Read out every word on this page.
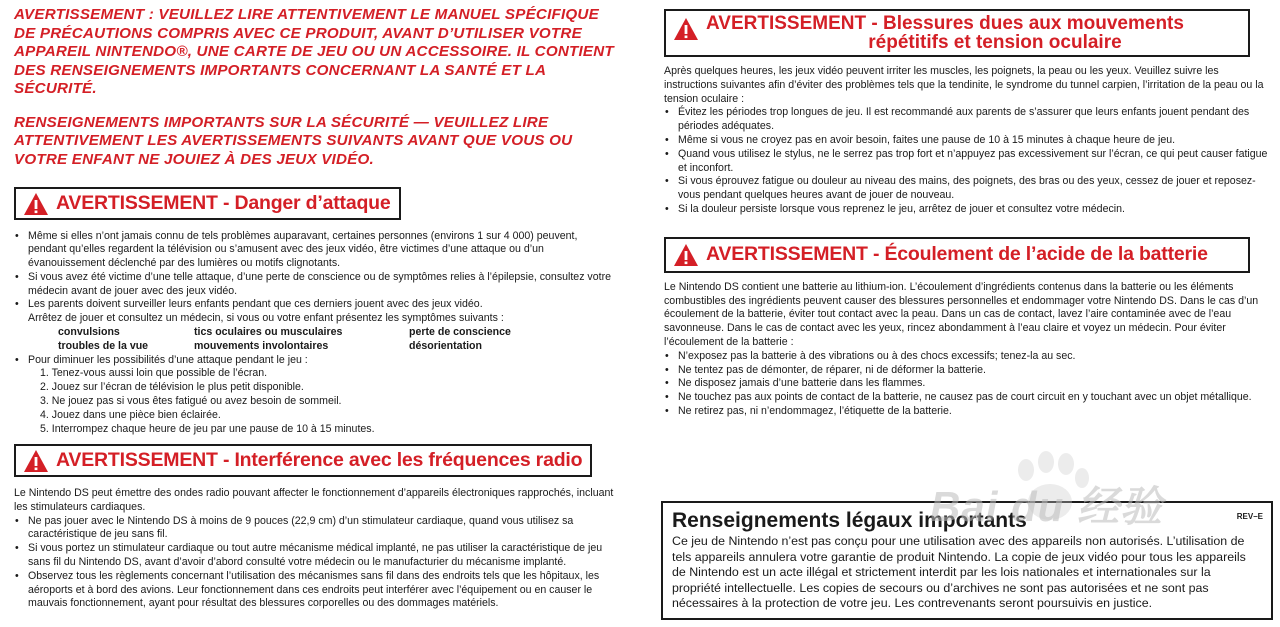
AVERTISSEMENT : VEUILLEZ LIRE ATTENTIVEMENT LE MANUEL SPÉCIFIQUE DE PRÉCAUTIONS COMPRIS AVEC CE PRODUIT, AVANT D’UTILISER VOTRE APPAREIL NINTENDO®, UNE CARTE DE JEU OU UN ACCESSOIRE. IL CONTIENT DES RENSEIGNEMENTS IMPORTANTS CONCERNANT LA SANTÉ ET LA SÉCURITÉ.

RENSEIGNEMENTS IMPORTANTS SUR LA SÉCURITÉ — VEUILLEZ LIRE ATTENTIVEMENT LES AVERTISSEMENTS SUIVANTS AVANT QUE VOUS OU VOTRE ENFANT NE JOUIEZ À DES JEUX VIDÉO.

AVERTISSEMENT - Danger d’attaque
• Même si elles n’ont jamais connu de tels problèmes auparavant, certaines personnes (environs 1 sur 4 000) peuvent, pendant qu’elles regardent la télévision ou s’amusent avec des jeux vidéo, être victimes d’une attaque ou d’un évanouissement déclenché par des lumières ou motifs clignotants.
• Si vous avez été victime d’une telle attaque, d’une perte de conscience ou de symptômes relies à l’épilepsie, consultez votre médecin avant de jouer avec des jeux vidéo.
• Les parents doivent surveiller leurs enfants pendant que ces derniers jouent avec des jeux vidéo.
Arrêtez de jouer et consultez un médecin, si vous ou votre enfant présentez les symptômes suivants :
convulsions	tics oculaires ou musculaires	perte de conscience
troubles de la vue	mouvements involontaires	désorientation
• Pour diminuer les possibilités d’une attaque pendant le jeu :
1. Tenez-vous aussi loin que possible de l’écran.
2. Jouez sur l’écran de télévision le plus petit disponible.
3. Ne jouez pas si vous êtes fatigué ou avez besoin de sommeil.
4. Jouez dans une pièce bien éclairée.
5. Interrompez chaque heure de jeu par une pause de 10 à 15 minutes.
AVERTISSEMENT - Interférence avec les fréquences radio

Le Nintendo DS peut émettre des ondes radio pouvant affecter le fonctionnement d’appareils électroniques rapprochés, incluant les stimulateurs cardiaques.

• Ne pas jouer avec le Nintendo DS à moins de 9 pouces (22,9 cm) d’un stimulateur cardiaque, quand vous utilisez sa caractéristique de jeu sans fil.
• Si vous portez un stimulateur cardiaque ou tout autre mécanisme médical implanté, ne pas utiliser la caractéristique de jeu sans fil du Nintendo DS, avant d’avoir d’abord consulté votre médecin ou le manufacturier du mécanisme implanté.
• Observez tous les règlements concernant l’utilisation des mécanismes sans fil dans des endroits tels que les hôpitaux, les aéroports et à bord des avions. Leur fonctionnement dans ces endroits peut interférer avec l’équipement ou en causer le mauvais fonctionnement, ayant pour résultat des blessures corporelles ou des dommages matériels.
AVERTISSEMENT - Blessures dues aux mouvements
répétitifs et tension oculaire

Après quelques heures, les jeux vidéo peuvent irriter les muscles, les poignets, la peau ou les yeux. Veuillez suivre les instructions suivantes afin d’éviter des problèmes tels que la tendinite, le syndrome du tunnel carpien, l’irritation de la peau ou la tension oculaire :

• Évitez les périodes trop longues de jeu. Il est recommandé aux parents de s’assurer que leurs enfants jouent pendant des périodes adéquates.
• Même si vous ne croyez pas en avoir besoin, faites une pause de 10 à 15 minutes à chaque heure de jeu.
• Quand vous utilisez le stylus, ne le serrez pas trop fort et n’appuyez pas excessivement sur l’écran, ce qui peut causer fatigue et inconfort.
• Si vous éprouvez fatigue ou douleur au niveau des mains, des poignets, des bras ou des yeux, cessez de jouer et reposez-vous pendant quelques heures avant de jouer de nouveau.
• Si la douleur persiste lorsque vous reprenez le jeu, arrêtez de jouer et consultez votre médecin.
AVERTISSEMENT - Écoulement de l’acide de la batterie

Le Nintendo DS contient une batterie au lithium-ion. L’écoulement d’ingrédients contenus dans la batterie ou les éléments combustibles des ingrédients peuvent causer des blessures personnelles et endommager votre Nintendo DS. Dans le cas d’un écoulement de la batterie, éviter tout contact avec la peau. Dans un cas de contact, lavez l’aire contaminée avec de l’eau savonneuse. Dans le cas de contact avec les yeux, rincez abondamment à l’eau claire et voyez un médecin. Pour éviter l’écoulement de la batterie :

• N’exposez pas la batterie à des vibrations ou à des chocs excessifs; tenez-la au sec.
• Ne tentez pas de démonter, de réparer, ni de déformer la batterie.
• Ne disposez jamais d’une batterie dans les flammes.
• Ne touchez pas aux points de contact de la batterie, ne causez pas de court circuit en y touchant avec un objet métallique.
• Ne retirez pas, ni n’endommagez, l’étiquette de la batterie.
Renseignements légaux importants	REV–E

Ce jeu de Nintendo n’est pas conçu pour une utilisation avec des appareils non autorisés. L’utilisation de tels appareils annulera votre garantie de produit Nintendo. La copie de jeux vidéo pour tous les appareils de Nintendo est un acte illégal et strictement interdit par les lois nationales et internationales sur la propriété intellectuelle. Les copies de secours ou d’archives ne sont pas autorisées et ne sont pas nécessaires à la protection de votre jeu. Les contrevenants seront poursuivis en justice.

Bai du 经验
